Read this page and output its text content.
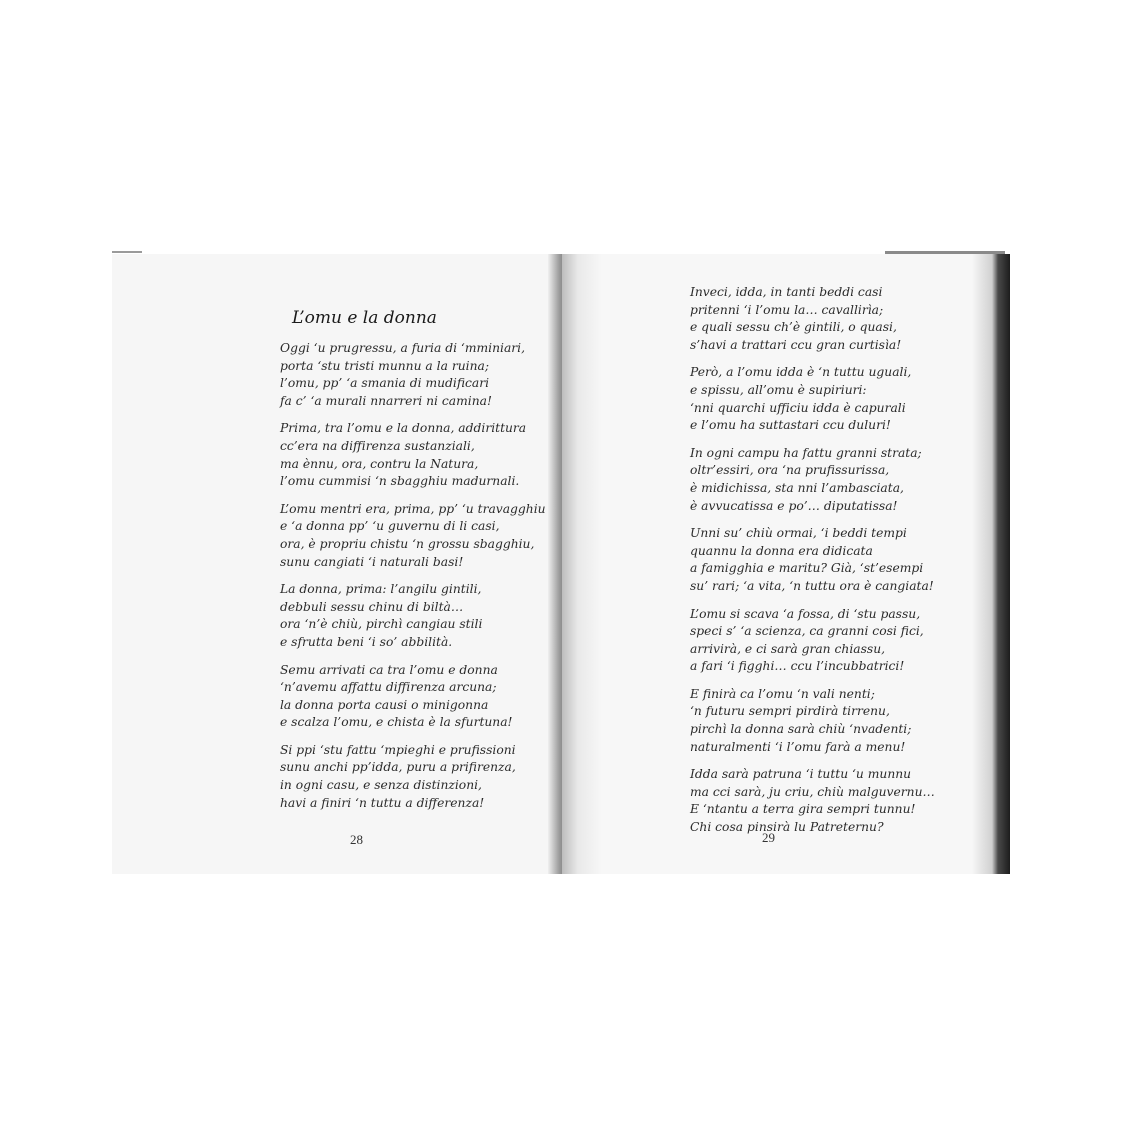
L’omu e la donna
Oggi ‘u prugressu, a furia di ‘mminiari,
porta ‘stu tristi munnu a la ruina;
l’omu, pp’ ‘a smania di mudificari
fa c’ ‘a murali nnarreri ni camina!
Prima, tra l’omu e la donna, addirittura
cc’era na diffirenza sustanziali,
ma ènnu, ora, contru la Natura,
l’omu cummisi ‘n sbagghiu madurnali.
L’omu mentri era, prima, pp’ ‘u travagghiu
e ‘a donna pp’ ‘u guvernu di li casi,
ora, è propriu chistu ‘n grossu sbagghiu,
sunu cangiati ‘i naturali basi!
La donna, prima: l’angilu gintili,
debbuli sessu chinu di biltà…
ora ‘n’è chiù, pirchì cangiau stili
e sfrutta beni ‘i so’ abbilità.
Semu arrivati ca tra l’omu e donna
‘n’avemu affattu diffirenza arcuna;
la donna porta causi o minigonna
e scalza l’omu, e chista è la sfurtuna!
Si ppi ‘stu fattu ‘mpieghi e prufissioni
sunu anchi pp’idda, puru a prifirenza,
in ogni casu, e senza distinzioni,
havi a finiri ‘n tuttu a differenza!
28
Inveci, idda, in tanti beddi casi
pritenni ‘i l’omu la… cavallirìa;
e quali sessu ch’è gintili, o quasi,
s’havi a trattari ccu gran curtisìa!
Però, a l’omu idda è ‘n tuttu uguali,
e spissu, all’omu è supiriuri:
‘nni quarchi ufficiu idda è capurali
e l’omu ha suttastari ccu duluri!
In ogni campu ha fattu granni strata;
oltr’essiri, ora ‘na prufissurissa,
è midichissa, sta nni l’ambasciata,
è avvucatissa e po’… diputatissa!
Unni su’ chiù ormai, ‘i beddi tempi
quannu la donna era didicata
a famigghia e maritu? Già, ‘st’esempi
su’ rari; ‘a vita, ‘n tuttu ora è cangiata!
L’omu si scava ‘a fossa, di ‘stu passu,
speci s’ ‘a scienza, ca granni cosi fici,
arrivirà, e ci sarà gran chiassu,
a fari ‘i figghi… ccu l’incubbatrici!
E finirà ca l’omu ‘n vali nenti;
‘n futuru sempri pirdirà tirrenu,
pirchì la donna sarà chiù ‘nvadenti;
naturalmenti ‘i l’omu farà a menu!
Idda sarà patruna ‘i tuttu ‘u munnu
ma cci sarà, ju criu, chiù malguvernu…
E ‘ntantu a terra gira sempri tunnu!
Chi cosa pinsirà lu Patreternu?
29
